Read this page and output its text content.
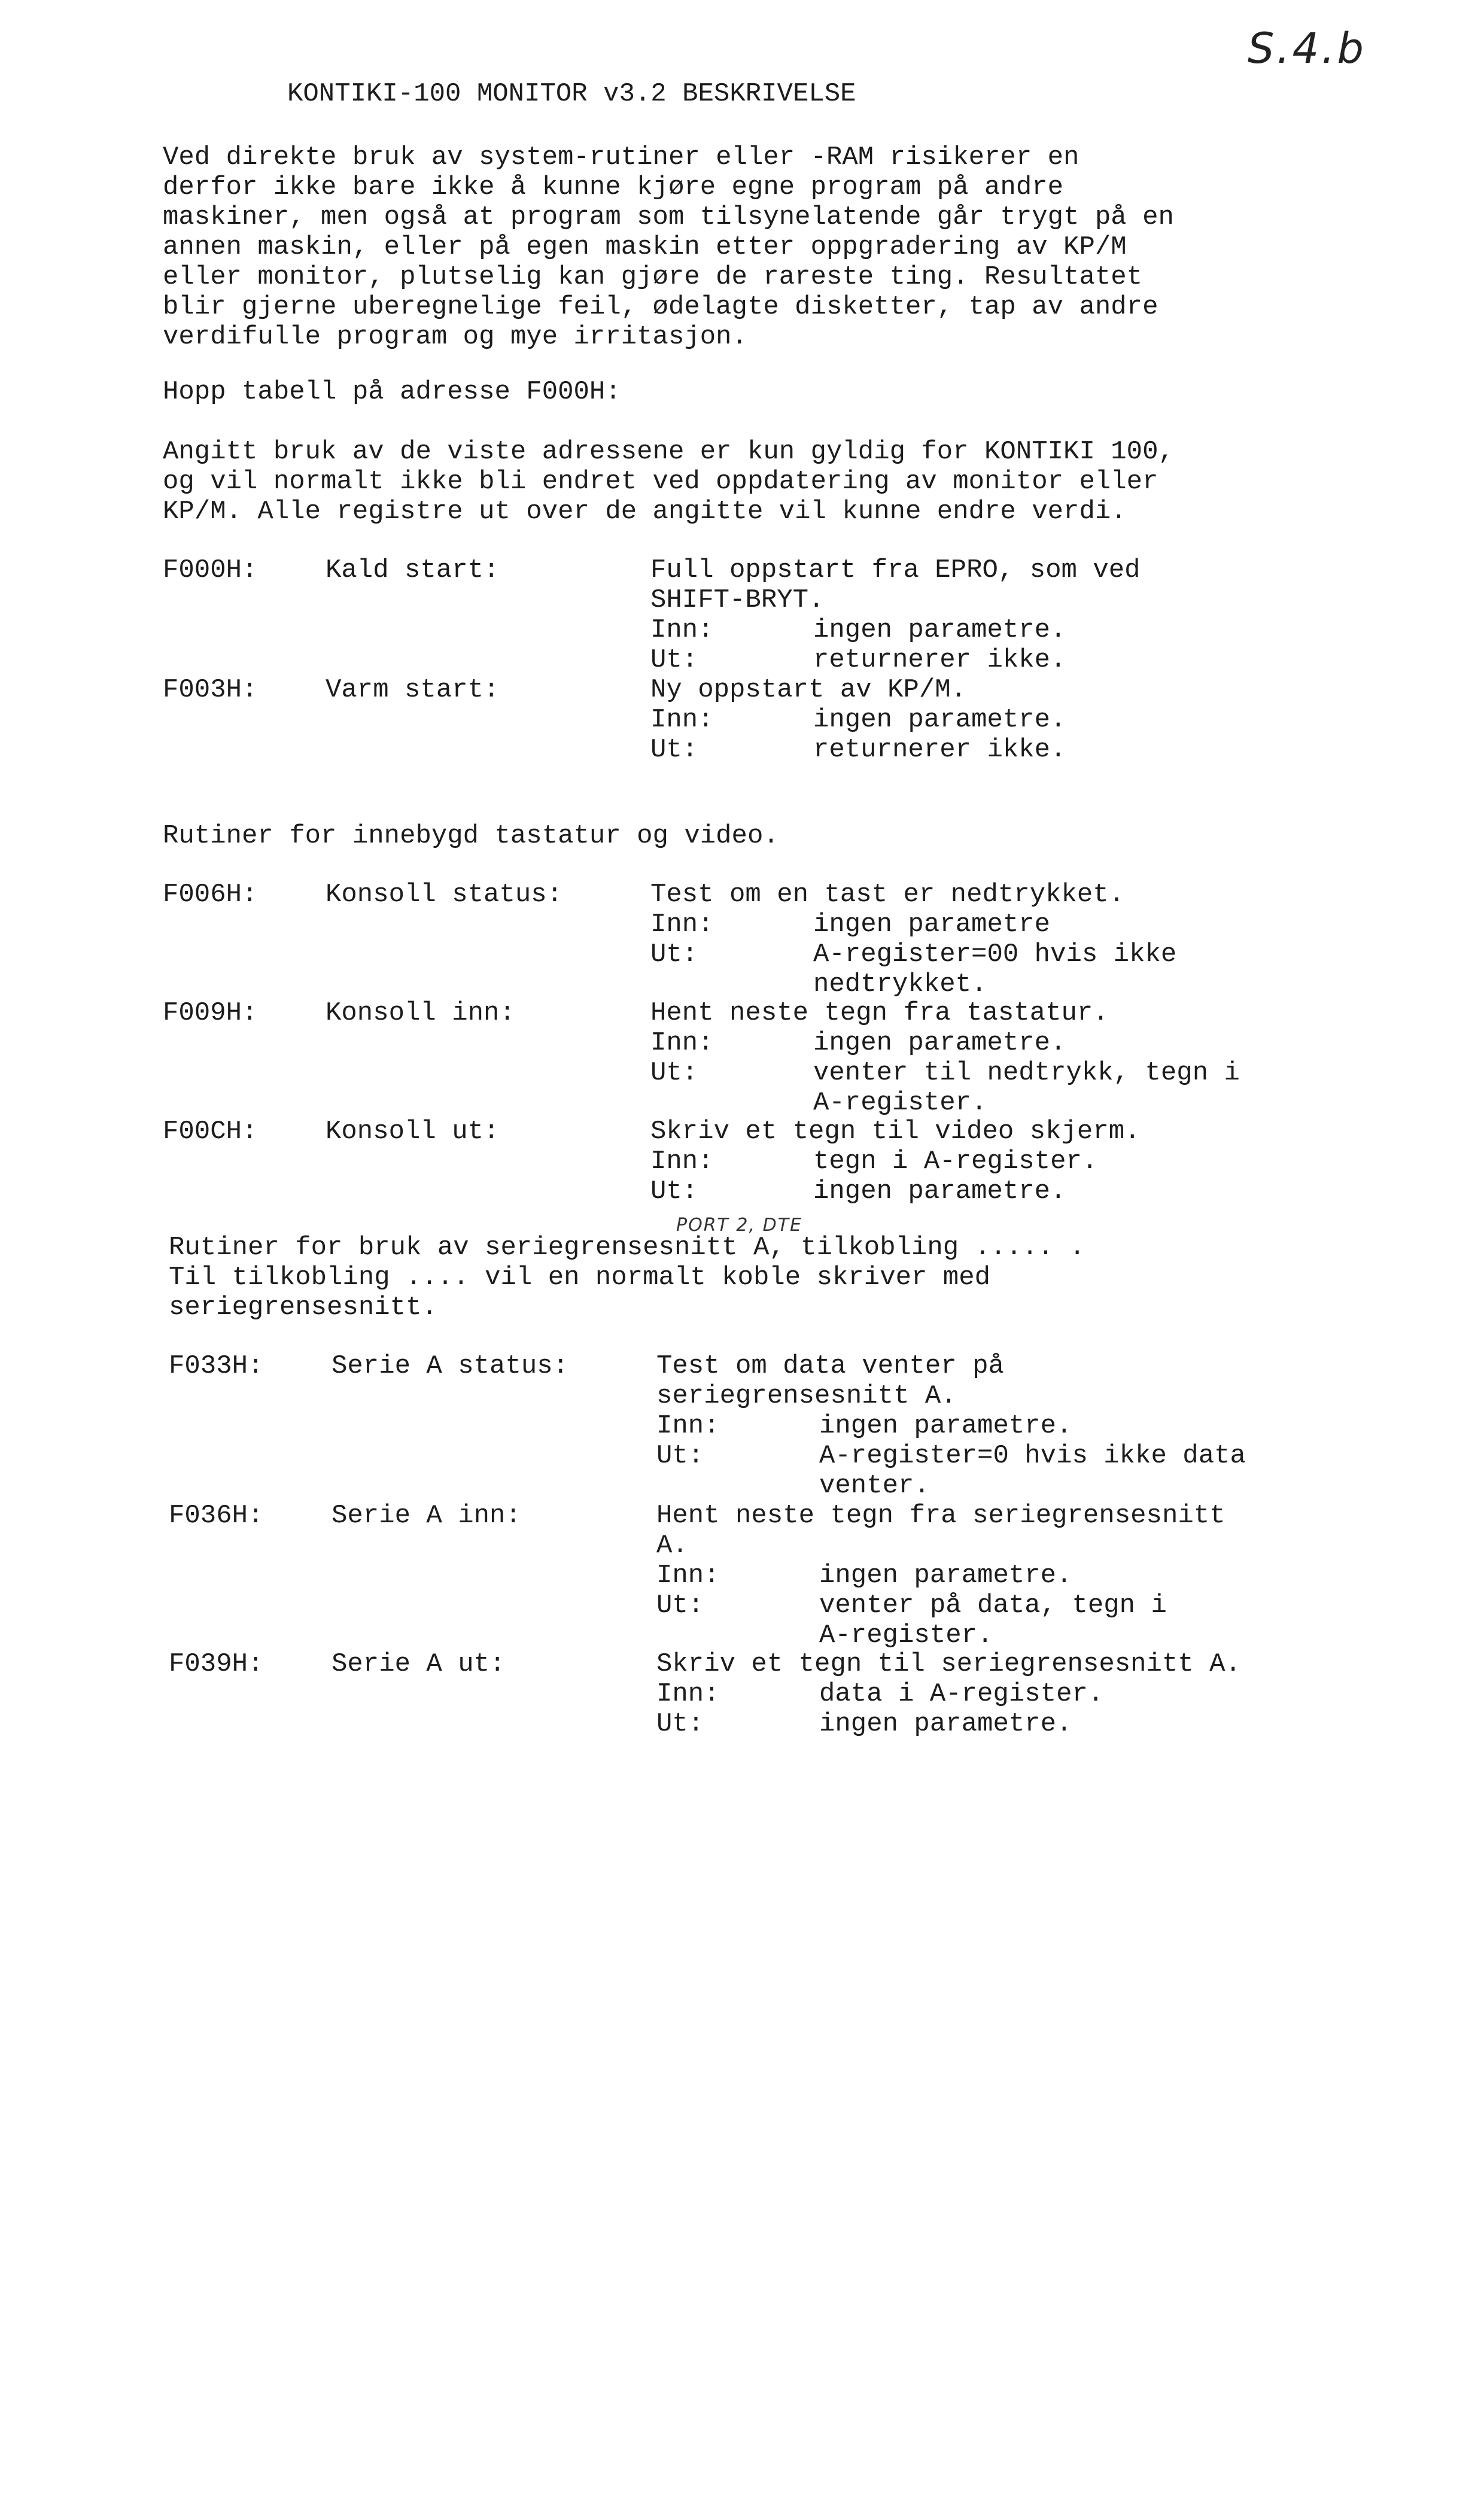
S.4.b
KONTIKI-100 MONITOR v3.2 BESKRIVELSE
Ved direkte bruk av system-rutiner eller -RAM risikerer en
derfor ikke bare ikke å kunne kjøre egne program på andre
maskiner, men også at program som tilsynelatende går trygt på en
annen maskin, eller på egen maskin etter oppgradering av KP/M
eller monitor, plutselig kan gjøre de rareste ting. Resultatet
blir gjerne uberegnelige feil, ødelagte disketter, tap av andre
verdifulle program og mye irritasjon.
Hopp tabell på adresse F000H:
Angitt bruk av de viste adressene er kun gyldig for KONTIKI 100,
og vil normalt ikke bli endret ved oppdatering av monitor eller
KP/M. Alle registre ut over de angitte vil kunne endre verdi.
F000H:	Kald start:	Full oppstart fra EPRO, som ved
SHIFT-BRYT.
Inn:	ingen parametre.
Ut:	returnerer ikke.
F003H:	Varm start:	Ny oppstart av KP/M.
Inn:	ingen parametre.
Ut:	returnerer ikke.
Rutiner for innebygd tastatur og video.
F006H:	Konsoll status:	Test om en tast er nedtrykket.
Inn:	ingen parametre
Ut:	A-register=00 hvis ikke
nedtrykket.
F009H:	Konsoll inn:	Hent neste tegn fra tastatur.
Inn:	ingen parametre.
Ut:	venter til nedtrykk, tegn i
A-register.
F00CH:	Konsoll ut:	Skriv et tegn til video skjerm.
Inn:	tegn i A-register.
Ut:	ingen parametre.
PORT 2, DTE
Rutiner for bruk av seriegrensesnitt A, tilkobling ..... .
Til tilkobling .... vil en normalt koble skriver med
seriegrensesnitt.
F033H:	Serie A status:	Test om data venter på
seriegrensesnitt A.
Inn:	ingen parametre.
Ut:	A-register=0 hvis ikke data
venter.
F036H:	Serie A inn:	Hent neste tegn fra seriegrensesnitt
A.
Inn:	ingen parametre.
Ut:	venter på data, tegn i
A-register.
F039H:	Serie A ut:	Skriv et tegn til seriegrensesnitt A.
Inn:	data i A-register.
Ut:	ingen parametre.
